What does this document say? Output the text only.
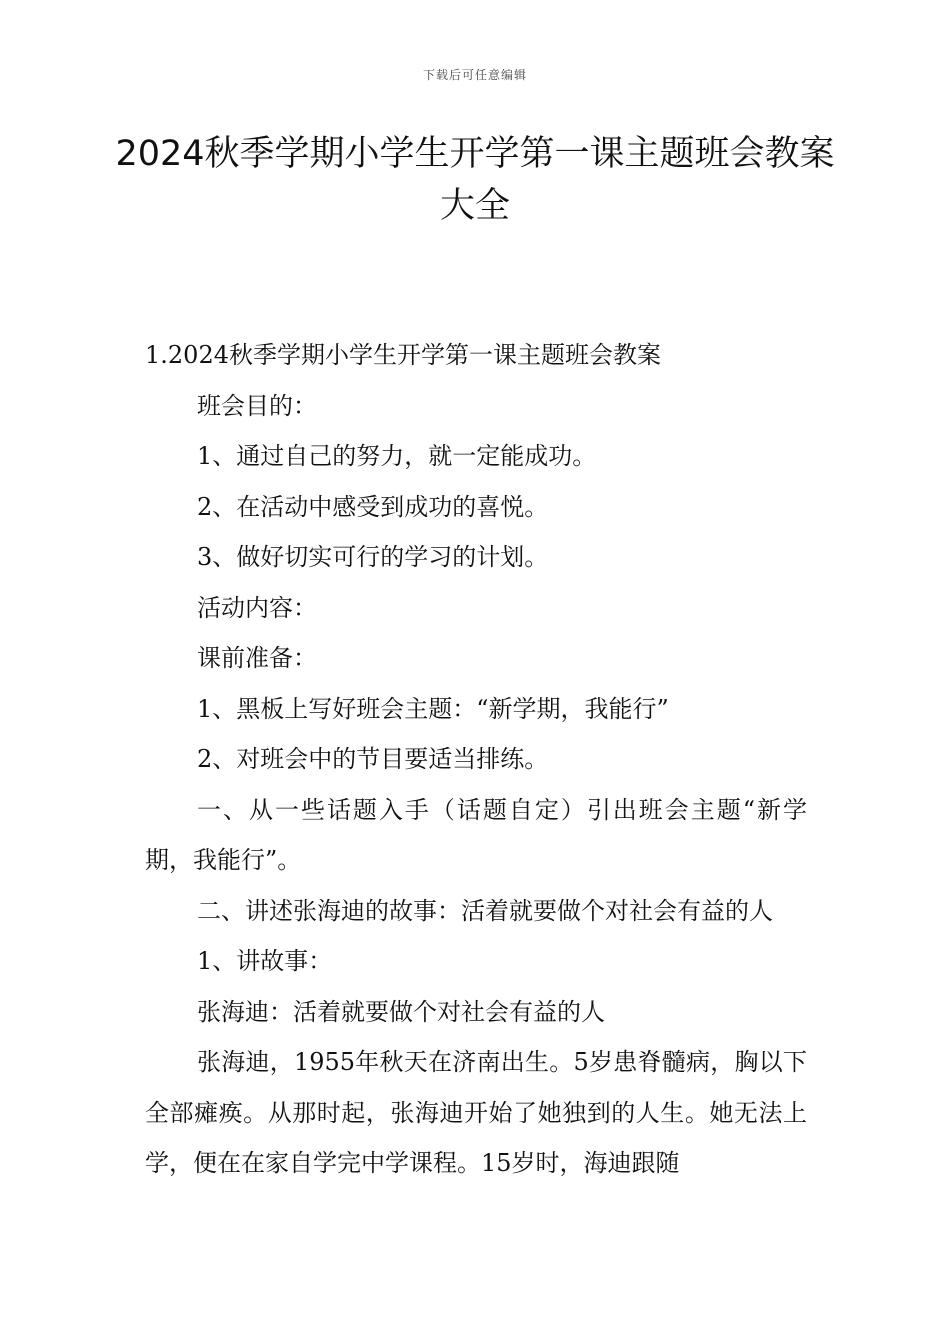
下载后可任意编辑
2024秋季学期小学生开学第一课主题班会教案大全

1.2024秋季学期小学生开学第一课主题班会教案

班会目的：

1、通过自己的努力，就一定能成功。

2、在活动中感受到成功的喜悦。

3、做好切实可行的学习的计划。

活动内容：

课前准备：

1、黑板上写好班会主题：“新学期，我能行”

2、对班会中的节目要适当排练。

一、从一些话题入手（话题自定）引出班会主题“新学期，我能行”。

二、讲述张海迪的故事：活着就要做个对社会有益的人

1、讲故事：

张海迪：活着就要做个对社会有益的人

张海迪，1955年秋天在济南出生。5岁患脊髓病，胸以下全部瘫痪。从那时起，张海迪开始了她独到的人生。她无法上学，便在在家自学完中学课程。15岁时，海迪跟随
